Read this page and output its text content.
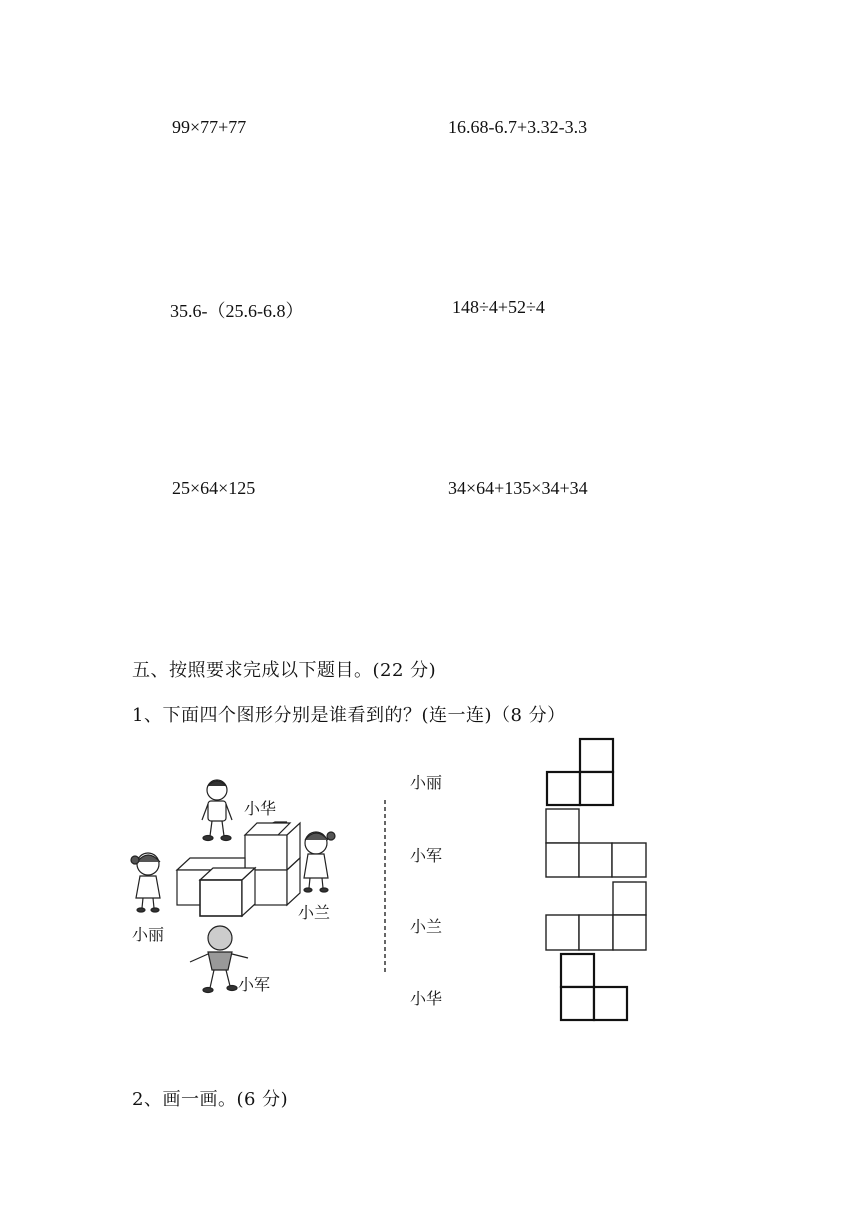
99×77+77	16.68-6.7+3.32-3.3
35.6-（25.6-6.8）	148÷4+52÷4
25×64×125	34×64+135×34+34
五、按照要求完成以下题目。(22 分)
1、下面四个图形分别是谁看到的？(连一连)（8 分）
小华
小兰
小丽
小军
小丽
小军
小兰
小华
2、画一画。(6 分)
